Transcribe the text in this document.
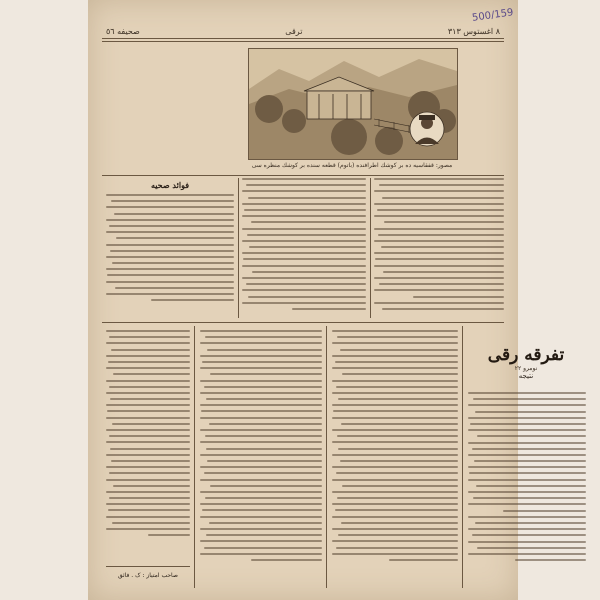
500/159
٨ اغستوس ٣١٣
ترقی
صحیفه ٥٦
مصور: قفقاسیه ده بر کوشك اطرافنده (باتوم) قطعه سنده بر کوشك منظره سی
فوائد صحیه
تفرقه رقی
نومرو ٢٢
نتیجه
صاحب امتیاز : ک . فائق
